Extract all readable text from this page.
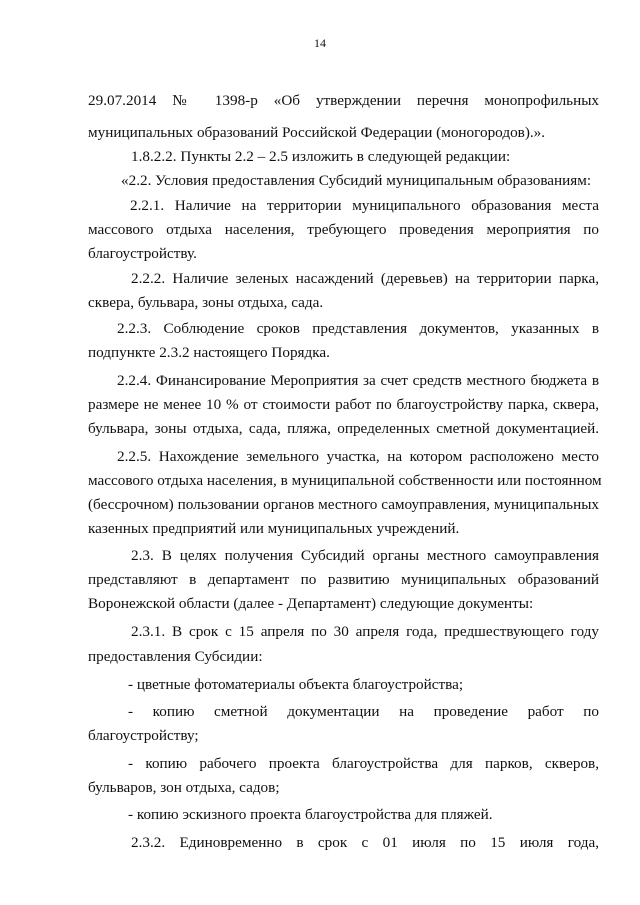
14
29.07.2014 № 1398-р «Об утверждении перечня монопрофильных
муниципальных образований Российской Федерации (моногородов).».
1.8.2.2. Пункты 2.2 – 2.5 изложить в следующей редакции:
«2.2. Условия предоставления Субсидий муниципальным образованиям:
2.2.1. Наличие на территории муниципального образования места
массового отдыха населения, требующего проведения мероприятия по
благоустройству.
2.2.2. Наличие зеленых насаждений (деревьев) на территории парка,
сквера, бульвара, зоны отдыха, сада.
2.2.3. Соблюдение сроков представления документов, указанных в
подпункте 2.3.2 настоящего Порядка.
2.2.4. Финансирование Мероприятия за счет средств местного бюджета в
размере не менее 10 % от стоимости работ по благоустройству парка, сквера,
бульвара, зоны отдыха, сада, пляжа, определенных сметной документацией.
2.2.5. Нахождение земельного участка, на котором расположено место
массового отдыха населения, в муниципальной собственности или постоянном
(бессрочном) пользовании органов местного самоуправления, муниципальных
казенных предприятий или муниципальных учреждений.
2.3. В целях получения Субсидий органы местного самоуправления
представляют в департамент по развитию муниципальных образований
Воронежской области (далее - Департамент) следующие документы:
2.3.1. В срок с 15 апреля по 30 апреля года, предшествующего году
предоставления Субсидии:
- цветные фотоматериалы объекта благоустройства;
- копию сметной документации на проведение работ по
благоустройству;
- копию рабочего проекта благоустройства для парков, скверов,
бульваров, зон отдыха, садов;
- копию эскизного проекта благоустройства для пляжей.
2.3.2. Единовременно в срок с 01 июля по 15 июля года,
